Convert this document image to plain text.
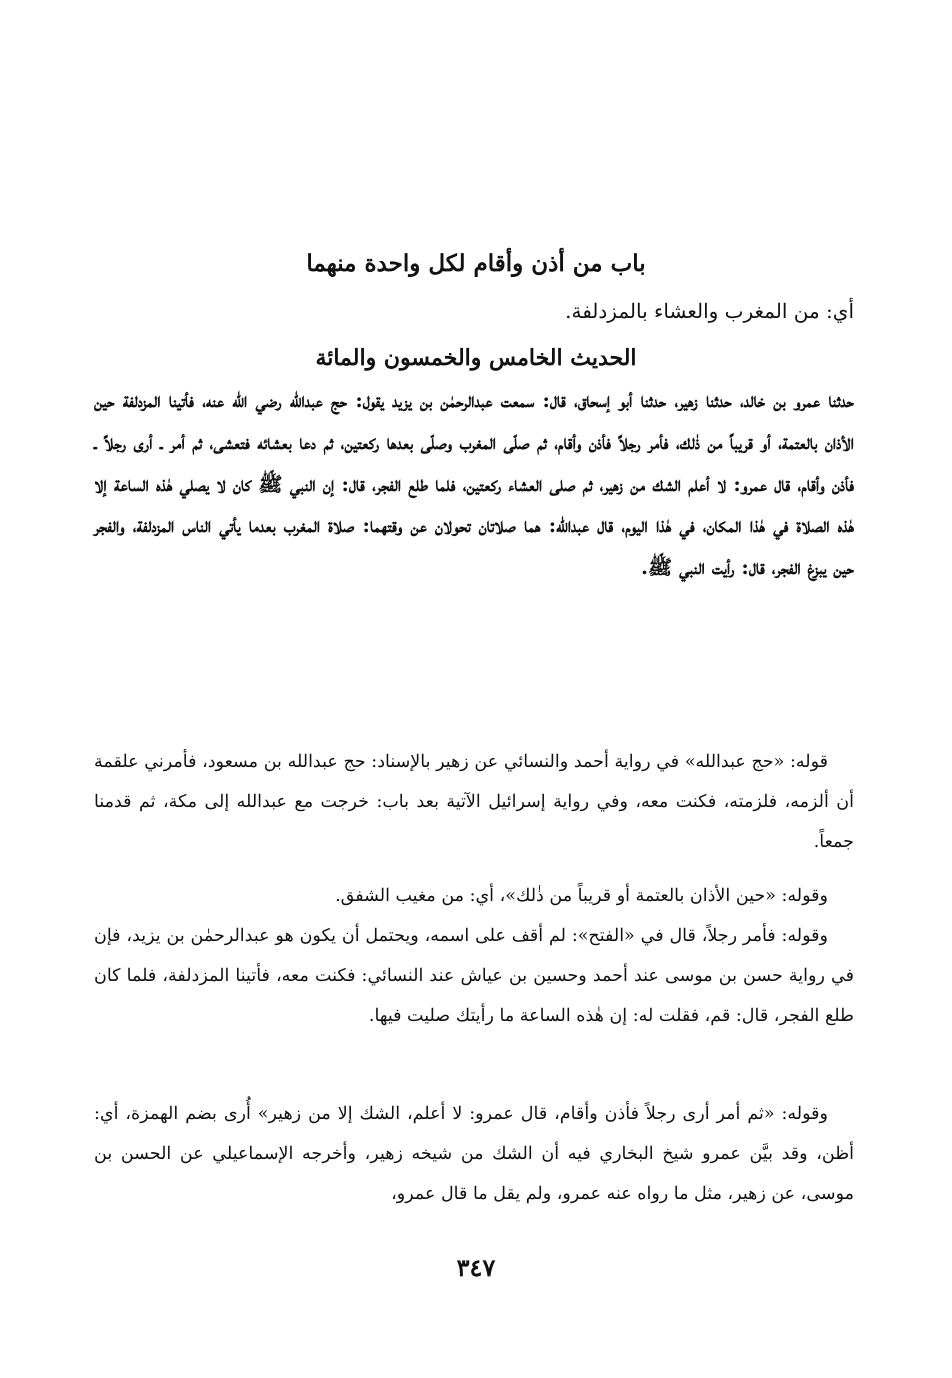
باب من أذن وأقام لكل واحدة منهما
أي: من المغرب والعشاء بالمزدلفة.
الحديث الخامس والخمسون والمائة

حدثنا عمرو بن خالد، حدثنا زهير، حدثنا أبو إسحاق، قال: سمعت عبدالرحمٰن بن يزيد يقول: حج عبدالله رضي الله عنه، فأتينا المزدلفة حين الأذان بالعتمة، أو قريباً من ذٰلك، فأمر رجلاً فأذن وأقام، ثم صلّى المغرب وصلّى بعدها ركعتين، ثم دعا بعشائه فتعشى، ثم أمر ـ أرى رجلاً ـ فأذن وأقام، قال عمرو: لا أعلم الشك من زهير، ثم صلى العشاء ركعتين، فلما طلع الفجر، قال: إن النبي ﷺ كان لا يصلي هٰذه الساعة إلا هٰذه الصلاة في هٰذا المكان، في هٰذا اليوم، قال عبدالله: هما صلاتان تحولان عن وقتهما: صلاة المغرب بعدما يأتي الناس المزدلفة، والفجر حين يبزغ الفجر، قال: رأيت النبي ﷺ.

قوله: «حج عبدالله» في رواية أحمد والنسائي عن زهير بالإسناد: حج عبدالله بن مسعود، فأمرني علقمة أن ألزمه، فلزمته، فكنت معه، وفي رواية إسرائيل الآتية بعد باب: خرجت مع عبدالله إلى مكة، ثم قدمنا جمعاً.

وقوله: «حين الأذان بالعتمة أو قريباً من ذٰلك»، أي: من مغيب الشفق.

وقوله: فأمر رجلاً، قال في «الفتح»: لم أقف على اسمه، ويحتمل أن يكون هو عبدالرحمٰن بن يزيد، فإن في رواية حسن بن موسى عند أحمد وحسين بن عياش عند النسائي: فكنت معه، فأتينا المزدلفة، فلما كان طلع الفجر، قال: قم، فقلت له: إن هٰذه الساعة ما رأيتك صليت فيها.

وقوله: «ثم أمر أرى رجلاً فأذن وأقام، قال عمرو: لا أعلم، الشك إلا من زهير» أُرى بضم الهمزة، أي: أظن، وقد بيَّن عمرو شيخ البخاري فيه أن الشك من شيخه زهير، وأخرجه الإسماعيلي عن الحسن بن موسى، عن زهير، مثل ما رواه عنه عمرو، ولم يقل ما قال عمرو،

٣٤٧
